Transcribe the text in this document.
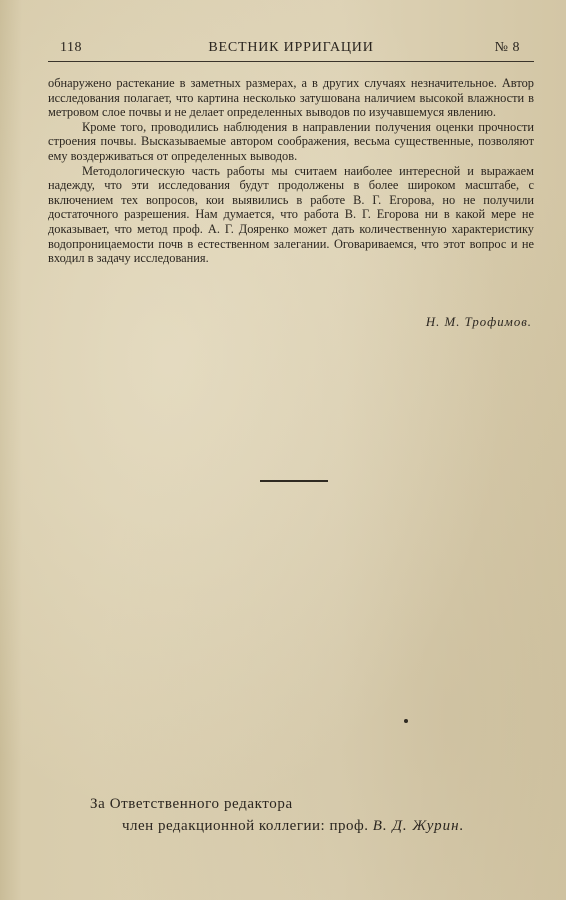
118	ВЕСТНИК ИРРИГАЦИИ	№ 8

обнаружено растекание в заметных размерах, а в других случаях незначительное. Автор исследования полагает, что картина несколько затушована наличием высокой влажности в метровом слое почвы и не делает определенных выводов по изучавшемуся явлению.

Кроме того, проводились наблюдения в направлении получения оценки прочности строения почвы. Высказываемые автором соображения, весьма существенные, позволяют ему воздерживаться от определенных выводов.

Методологическую часть работы мы считаем наиболее интересной и выражаем надежду, что эти исследования будут продолжены в более широком масштабе, с включением тех вопросов, кои выявились в работе В. Г. Егорова, но не получили достаточного разрешения. Нам думается, что работа В. Г. Егорова ни в какой мере не доказывает, что метод проф. А. Г. Дояренко может дать количественную характеристику водопроницаемости почв в естественном залегании. Оговариваемся, что этот вопрос и не входил в задачу исследования.

Н. М. Трофимов.
За Ответственного редактора
член редакционной коллегии: проф. В. Д. Журин.
